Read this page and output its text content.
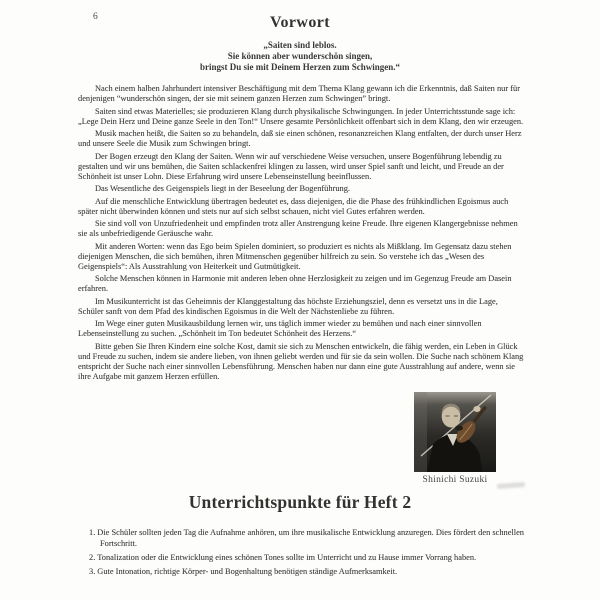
6	Vorwort
„Saiten sind leblos.
Sie können aber wunderschön singen,
bringst Du sie mit Deinem Herzen zum Schwingen.“

Nach einem halben Jahrhundert intensiver Beschäftigung mit dem Thema Klang gewann ich die Erkenntnis, daß Saiten nur für denjenigen “wunderschön singen, der sie mit seinem ganzen Herzen zum Schwingen” bringt.

Saiten sind etwas Materielles; sie produzieren Klang durch physikalische Schwingungen. In jeder Unterrichtsstunde sage ich: „Lege Dein Herz und Deine ganze Seele in den Ton!“ Unsere gesamte Persönlichkeit offenbart sich in dem Klang, den wir erzeugen.

Musik machen heißt, die Saiten so zu behandeln, daß sie einen schönen, resonanzreichen Klang entfalten, der durch unser Herz und unsere Seele die Musik zum Schwingen bringt.

Der Bogen erzeugt den Klang der Saiten. Wenn wir auf verschiedene Weise versuchen, unsere Bogenführung lebendig zu gestalten und wir uns bemühen, die Saiten schlackenfrei klingen zu lassen, wird unser Spiel sanft und leicht, und Freude an der Schönheit ist unser Lohn. Diese Erfahrung wird unsere Lebenseinstellung beeinflussen.

Das Wesentliche des Geigenspiels liegt in der Beseelung der Bogenführung.

Auf die menschliche Entwicklung übertragen bedeutet es, dass diejenigen, die die Phase des frühkindlichen Egoismus auch später nicht überwinden können und stets nur auf sich selbst schauen, nicht viel Gutes erfahren werden.

Sie sind voll von Unzufriedenheit und empfinden trotz aller Anstrengung keine Freude. Ihre eigenen Klangergebnisse nehmen sie als unbefriedigende Geräusche wahr.

Mit anderen Worten: wenn das Ego beim Spielen dominiert, so produziert es nichts als Mißklang. Im Gegensatz dazu stehen diejenigen Menschen, die sich bemühen, ihren Mitmenschen gegenüber hilfreich zu sein. So verstehe ich das „Wesen des Geigenspiels“: Als Ausstrahlung von Heiterkeit und Gutmütigkeit.

Solche Menschen können in Harmonie mit anderen leben ohne Herzlosigkeit zu zeigen und im Gegenzug Freude am Dasein erfahren.

Im Musikunterricht ist das Geheimnis der Klanggestaltung das höchste Erziehungsziel, denn es versetzt uns in die Lage, Schüler sanft von dem Pfad des kindischen Egoismus in die Welt der Nächstenliebe zu führen.

Im Wege einer guten Musikausbildung lernen wir, uns täglich immer wieder zu bemühen und nach einer sinnvollen Lebenseinstellung zu suchen. „Schönheit im Ton bedeutet Schönheit des Herzens.“

Bitte geben Sie Ihren Kindern eine solche Kost, damit sie sich zu Menschen entwickeln, die fähig werden, ein Leben in Glück und Freude zu suchen, indem sie andere lieben, von ihnen geliebt werden und für sie da sein wollen. Die Suche nach schönem Klang entspricht der Suche nach einer sinnvollen Lebensführung. Menschen haben nur dann eine gute Ausstrahlung auf andere, wenn sie ihre Aufgabe mit ganzem Herzen erfüllen.

Shinichi Suzuki
Unterrichtspunkte für Heft 2
1. Die Schüler sollten jeden Tag die Aufnahme anhören, um ihre musikalische Entwicklung anzuregen. Dies fördert den schnellen Fortschritt.
2. Tonalization oder die Entwicklung eines schönen Tones sollte im Unterricht und zu Hause immer Vorrang haben.
3. Gute Intonation, richtige Körper- und Bogenhaltung benötigen ständige Aufmerksamkeit.
